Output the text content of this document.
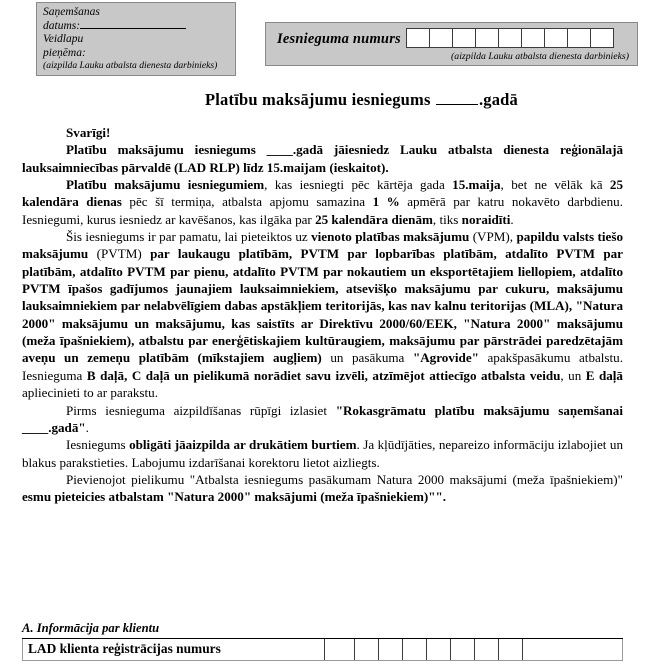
Saņemšanas
datums:
Veidlapu
pieņēma:
(aizpilda Lauku atbalsta dienesta darbinieks)
Iesnieguma numurs
(aizpilda Lauku atbalsta dienesta darbinieks)
Platību maksājumu iesniegums	.gadā

Svarīgi!

Platību maksājumu iesniegums ____.gadā jāiesniedz Lauku atbalsta dienesta reģionālajā lauksaimniecības pārvaldē (LAD RLP) līdz 15.maijam (ieskaitot).

Platību maksājumu iesniegumiem, kas iesniegti pēc kārtēja gada 15.maija, bet ne vēlāk kā 25 kalendāra dienas pēc šī termiņa, atbalsta apjomu samazina 1 % apmērā par katru nokavēto darbdienu. Iesniegumi, kurus iesniedz ar kavēšanos, kas ilgāka par 25 kalendāra dienām, tiks noraidīti.

Šis iesniegums ir par pamatu, lai pieteiktos uz vienoto platības maksājumu (VPM), papildu valsts tiešo maksājumu (PVTM) par laukaugu platībām, PVTM par lopbarības platībām, atdalīto PVTM par platībām, atdalīto PVTM par pienu, atdalīto PVTM par nokautiem un eksportētajiem liellopiem, atdalīto PVTM īpašos gadījumos jaunajiem lauksaimniekiem, atsevišķo maksājumu par cukuru, maksājumu lauksaimniekiem par nelabvēlīgiem dabas apstākļiem teritorijās, kas nav kalnu teritorijas (MLA), "Natura 2000" maksājumu un maksājumu, kas saistīts ar Direktīvu 2000/60/EEK, "Natura 2000" maksājumu (meža īpašniekiem), atbalstu par enerģētiskajiem kultūraugiem, maksājumu par pārstrādei paredzētajām aveņu un zemeņu platībām (mīkstajiem augļiem) un pasākuma "Agrovide" apakšpasākumu atbalstu. Iesnieguma B daļā, C daļā un pielikumā norādiet savu izvēli, atzīmējot attiecīgo atbalsta veidu, un E daļā apliecinieti to ar parakstu.

Pirms iesnieguma aizpildīšanas rūpīgi izlasiet "Rokasgrāmatu platību maksājumu saņemšanai ____.gadā".

Iesniegums obligāti jāaizpilda ar drukātiem burtiem. Ja kļūdījāties, nepareizo informāciju izlabojiet un blakus parakstieties. Labojumu izdarīšanai korektoru lietot aizliegts.

Pievienojot pielikumu "Atbalsta iesniegums pasākumam Natura 2000 maksājumi (meža īpašniekiem)" esmu pieteicies atbalstam "Natura 2000" maksājumi (meža īpašniekiem)"".

A. Informācija par klientu
LAD klienta reģistrācijas numurs
